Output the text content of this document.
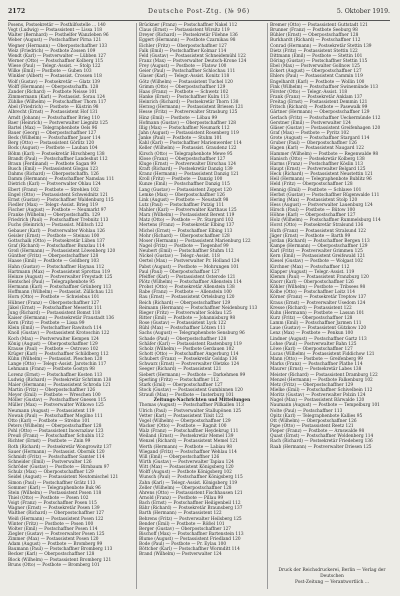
2172	Deutsche Post-Ztg. (№ 96)	5. Oktober 1919.
Posens, Postsekretär — Posthilfsstelle ... 140
Vogt (Ludwig) — Postassistent — Lissa 118
Walter (Bernhard) — Posthelfer Wanzleben 96
Weber (August) — Postschaffner Pirna 121
Wegner (Hermann) — Oberpostschaffner 133
Welz (Friedrich) — Postbote Zossen 109
Wendt (Karl) — Postverwalter — Lübben 127
Werner (Otto) — Postschaffner Kolberg 115
Wiese (Paul) — Telegr.-Assist. — Stolp 122
Wilke (Emil) — Postbote — Guben 103
Winkler (Albert) — Postassist. Crossen 118
Wolf (Gustav) — Postsekretär — Glatz 139
Wolff (Hermann) — Oberpostschaffn. 128
Zander (Richard) — Postbote Neisse 101
Zimmermann (Karl) — Postassist. Sorau 124
Zühlke (Wilhelm) — Postschaffner Thorn 117
Abel (Friedrich) — Postbote — Küstrin 98
Albrecht (Ernst) — Postassistent Hof 131
Arndt (Johann) — Postschaffner Brieg 110
Baer (Heinrich) — Postverwalter Liegnitz 125
Bartel (Max) — Telegraphenbote Oels 96
Bauer (Georg) — Oberpostschaffner 127
Beck (Wilhelm) — Postschaffner Jauer 114
Berg (Otto) — Postassistent Görlitz 120
Bock (August) — Postbote — Lauban 104
Böhm (Karl) — Postsekretär Hirschberg 138
Brandt (Paul) — Postschaffner Landeshut 112
Braun (Ferdinand) — Postbote Sagan 99
Busch (Emil) — Postassistent Glogau 123
Dahms (Richard) — Oberpostschaffn. 126
Damm (Hermann) — Postschaffner Namslau 111
Dietrich (Karl) — Postverwalter Ohlau 124
Ebert (Franz) — Postbote — Strehlen 102
Engel (Otto) — Postassistent Schweidnitz 121
Ernst (Gustav) — Postschaffner Waldenburg 115
Fiedler (Max) — Telegr.-Assist. Brieg 119
Fischer (August) — Postbote — Neumarkt 97
Franke (Wilhelm) — Oberpostschaffn. 129
Friedrich (Paul) — Postschaffner Trebnitz 113
Fuchs (Heinrich) — Postassist. Militsch 122
Gebauer (Karl) — Postverwalter Wohlau 126
Geisler (Ernst) — Postbote — Steinau 100
Gottschalk (Otto) — Postsekretär Lüben 137
Graf (Richard) — Postschaffner Bunzlau 114
Groß (Hermann) — Postassistent Löwenberg 120
Günther (Fritz) — Oberpostschaffner 128
Haase (Emil) — Postbote — Goldberg 103
Hahn (Gustav) — Postschaffner Haynau 112
Hartmann (Max) — Postassistent Sprottau 119
Heinze (August) — Postverwalter Freystadt 125
Hentschel (Paul) — Telegraphenbote 95
Hermann (Karl) — Postschaffner Grünberg 113
Hoffmann (Wilhelm) — Postassist. Züllichau 121
Horn (Otto) — Postbote — Schwiebus 101
Hübner (Franz) — Oberpostschaffner 127
Jäkel (Ernst) — Postschaffner Meseritz 111
Jung (Richard) — Postassistent Bomst 118
Kaiser (Hermann) — Postsekretär Fraustadt 136
Kern (Fritz) — Postbote — Lissa 99
Klein (Emil) — Postschaffner Rawitsch 114
Knoll (Gustav) — Postassistent Krotoschin 122
Koch (Max) — Postverwalter Kempen 124
König (August) — Oberpostschaffner 129
Krause (Paul) — Postbote — Ostrowo 102
Krüger (Karl) — Postschaffner Schildberg 112
Kühn (Wilhelm) — Postassist. Pleschen 120
Lange (Otto) — Telegr.-Assist. Jarotschin 117
Lehmann (Franz) — Postbote Gostyn 98
Lorenz (Ernst) — Postschaffner Kosten 113
Ludwig (Richard) — Postsekretär Schrimm 138
Maier (Hermann) — Postassistent Schroda 121
Martin (Fritz) — Oberpostschaffner 126
Meyer (Emil) — Postbote — Wreschen 100
Möller (Gustav) — Postschaffner Gnesen 115
Müller (Max) — Postverwalter Witkowo 125
Neumann (August) — Postassistent 119
Nowak (Paul) — Postschaffner Mogilno 111
Otto (Karl) — Postbote — Strelno 101
Peters (Wilhelm) — Oberpostschaffner 128
Pohl (Otto) — Postassistent Inowrazlaw 123
Preuß (Franz) — Postschaffner Schubin 112
Richter (Ernst) — Postbote — Znin 99
Roth (Richard) — Postsekretär Wongrowitz 137
Sauer (Hermann) — Postassist. Obornik 120
Schmidt (Fritz) — Postschaffner Samter 114
Schneider (Emil) — Postverwalter 126
Schröder (Gustav) — Postbote — Birnbaum 97
Schulz (Max) — Oberpostschaffner 129
Seidel (August) — Postassistent Neutomischel 121
Simon (Paul) — Postschaffner Grätz 113
Sommer (Karl) — Telegraphenbote Buk 96
Stein (Wilhelm) — Postassistent Posen 118
Thiel (Otto) — Postbote — Posen 102
Voigt (Franz) — Postschaffner Posen 115
Wagner (Ernst) — Postsekretär Posen 139
Walther (Richard) — Oberpostschaffner 127
Weiß (Hermann) — Postassistent Posen 122
Winter (Fritz) — Postbote — Posen 100
Wolter (Emil) — Postschaffner Posen 114
Ziegler (Gustav) — Postverwalter Posen 125
Zimmer (Max) — Postassistent Posen 120
Adam (August) — Postbote — Bromberg 99
Baumann (Paul) — Postschaffner Bromberg 113
Becker (Karl) — Oberpostschaffner 128
Block (Wilhelm) — Postassistent Bromberg 121
Bruns (Otto) — Postbote — Bromberg 101
Brückner (Franz) — Postschaffner Nakel 112
Claus (Ernst) — Postassistent Wirsitz 119
Dreyer (Richard) — Postsekretär Filehne 136
Eggert (Hermann) — Postbote Czarnikau 98
Eichler (Fritz) — Oberpostschaffner 127
Falk (Emil) — Postschaffner Kolmar 114
Feld (Gustav) — Postassistent Schneidemühl 122
Franz (Max) — Postverwalter Deutsch-Krone 124
Frey (August) — Postbote — Flatow 100
Geier (Paul) — Postschaffner Schlochau 111
Glaser (Karl) — Telegr.-Assist. Konitz 118
Götz (Wilhelm) — Postassistent Tuchel 120
Grimm (Otto) — Oberpostschaffner 129
Haas (Franz) — Postbote — Schwetz 102
Hanke (Ernst) — Postschaffner Kulm 113
Heinrich (Richard) — Postsekretär Thorn 138
Herzog (Hermann) — Postassistent Briesen 121
Hesse (Fritz) — Postverwalter Strasburg 125
Hinz (Emil) — Postbote — Löbau 99
Hofmann (Gustav) — Oberpostschaffner 128
Illig (Max) — Postschaffner Neumark 112
Jahn (August) — Postassistent Rosenberg 119
Janke (Paul) — Postbote — Stuhm 101
Kahl (Karl) — Postschaffner Marienwerder 114
Keller (Wilhelm) — Postassist. Graudenz 122
Kirsch (Otto) — Telegraphenbote Mewe 95
Klose (Franz) — Oberpostschaffner 127
Kluge (Ernst) — Postverwalter Dirschau 124
Kraft (Richard) — Postsekretär Danzig 139
Kranz (Hermann) — Postassistent Danzig 121
Kroll (Fritz) — Postbote — Danzig 100
Kunze (Emil) — Postschaffner Danzig 115
Lang (Gustav) — Postassistent Zoppot 120
Lemke (Max) — Oberpostschaffner 126
Link (August) — Postbote — Neustadt 98
Lutz (Paul) — Postschaffner Putzig 111
Mahler (Karl) — Postverwalter Karthaus 125
Marx (Wilhelm) — Postassistent Berent 119
Matz (Otto) — Postbote — Pr. Stargard 102
Mertens (Franz) — Postsekretär Elbing 137
Michel (Ernst) — Postschaffner Elbing 113
Mohr (Richard) — Oberpostschaffner 128
Moser (Hermann) — Postassistent Marienburg 122
Nagel (Fritz) — Postbote — Tiegenhof 99
Neubert (Emil) — Postschaffner Stuhm 112
Nickel (Gustav) — Telegr.-Assist. 118
Oertel (Max) — Postverwalter Pr. Holland 124
Pabst (August) — Postbote — Mohrungen 101
Paul (Paul) — Oberpostschaffner 127
Pfeiffer (Karl) — Postassistent Osterode 121
Plötz (Wilhelm) — Postschaffner Allenstein 114
Probst (Otto) — Postsekretär Allenstein 138
Rabe (Franz) — Postbote — Allenstein 100
Rau (Ernst) — Postassistent Ortelsburg 120
Reich (Richard) — Oberpostschaffner 129
Reimann (Hermann) — Postschaffner Neidenburg 113
Rieger (Fritz) — Postverwalter Soldau 125
Ritter (Emil) — Postbote — Johannisburg 98
Rose (Gustav) — Postassistent Lyck 122
Rühl (Max) — Postschaffner Lötzen 111
Sachs (August) — Telegraphenbote Sensburg 96
Schade (Paul) — Oberpostschaffner 128
Schäfer (Karl) — Postassistent Rastenburg 119
Scholz (Wilhelm) — Postbote Gerdauen 102
Schott (Otto) — Postschaffner Angerburg 114
Schubert (Franz) — Postsekretär Goldap 136
Schwarz (Ernst) — Postverwalter Oletzko 124
Seeger (Richard) — Postassistent 121
Siebert (Hermann) — Postbote — Darkehmen 99
Sperling (Fritz) — Postschaffner 112
Stark (Emil) — Oberpostschaffner 127
Stock (Gustav) — Postassistent Gumbinnen 120
Strauß (Max) — Postbote — Insterburg 101
Zeitungs-Nachrichten und Mitteilungen
Thomas (August) — Postschaffner Pillkallen 113
Ulrich (Paul) — Postverwalter Stallupönen 125
Vetter (Karl) — Postassistent Tilsit 122
Vogel (Wilhelm) — Oberpostschaffner 129
Wacker (Otto) — Postbote — Ragnit 100
Walz (Franz) — Postschaffner Heydekrug 111
Weiland (Ernst) — Postsekretär Memel 139
Wenzel (Richard) — Postassistent Memel 121
Werth (Hermann) — Postbote — Labiau 98
Wiegand (Fritz) — Postschaffner Wehlau 114
Will (Emil) — Oberpostschaffner 126
Wirth (Gustav) — Postverwalter Tapiau 124
Witt (Max) — Postassistent Königsberg 120
Wolff (August) — Postbote Königsberg 102
Wunsch (Paul) — Postschaffner Königsberg 115
Zahn (Karl) — Telegr.-Assist. Königsberg 119
Zeller (Wilhelm) — Oberpostschaffner 128
Ahrens (Otto) — Postassistent Fischhausen 121
Arnold (Franz) — Postbote — Pillau 99
Bach (Ernst) — Postschaffner Heiligenbeil 112
Bähr (Richard) — Postsekretär Braunsberg 137
Barth (Hermann) — Postassistent 122
Behrens (Fritz) — Postverwalter Heilsberg 125
Bender (Emil) — Postbote — Rößel 101
Berger (Gustav) — Oberpostschaffner 127
Bischoff (Max) — Postschaffner Bartenstein 113
Blume (August) — Postassistent Friedland 120
Bode (Paul) — Postbote — Pr. Eylau 100
Böttcher (Karl) — Postschaffner Wormditt 114
Brand (Wilhelm) — Postverwalter 124
Bremer (Otto) — Postassistent Guttstadt 121
Brunner (Franz) — Postbote Seeburg 98
Bühler (Ernst) — Oberpostschaffner 128
Burkhardt (Richard) — Postschaffner 112
Conrad (Hermann) — Postsekretär Stettin 139
Dietz (Fritz) — Postassistent Stettin 122
Dittmann (Emil) — Postbote — Stettin 101
Döring (Gustav) — Postschaffner Stettin 115
Ebel (Max) — Postverwalter Gollnow 125
Eckert (August) — Oberpostschaffner 127
Ehlers (Paul) — Postassistent Cammin 119
Engelhardt (Karl) — Postbote — Wollin 100
Fink (Wilhelm) — Postschaffner Swinemünde 113
Förster (Otto) — Telegr.-Assist. 118
Frank (Franz) — Postsekretär Anklam 137
Freitag (Ernst) — Postassistent Demmin 121
Fritsch (Richard) — Postbote — Pasewalk 99
Gärtner (Hermann) — Oberpostschaffner 129
Gerlach (Fritz) — Postschaffner Ueckermünde 112
Gerstner (Emil) — Postverwalter 124
Gläser (Gustav) — Postassistent Greifenhagen 120
Graf (Max) — Postbote — Pyritz 102
Grote (August) — Postschaffner Stargard 114
Gruber (Paul) — Oberpostschaffner 126
Hagen (Karl) — Postassistent Naugard 122
Hammer (Wilhelm) — Postbote — Regenwalde 98
Hanisch (Otto) — Postsekretär Kolberg 138
Harms (Franz) — Postschaffner Köslin 113
Haupt (Ernst) — Postverwalter Belgard 125
Heck (Richard) — Postassistent Neustettin 121
Heil (Hermann) — Telegraphenbote Bublitz 96
Held (Fritz) — Oberpostschaffner 128
Hennig (Emil) — Postbote — Schlawe 101
Herbst (Gustav) — Postschaffner Rügenwalde 111
Hering (Max) — Postassistent Stolp 120
Hess (August) — Postverwalter Lauenburg 124
Hirsch (Paul) — Postbote — Bütow 100
Höhne (Karl) — Oberpostschaffner 127
Holz (Wilhelm) — Postschaffner Rummelsburg 114
Horst (Otto) — Postsekretär Stralsund 136
Huth (Franz) — Postassistent Stralsund 122
Jäger (Ernst) — Postbote — Barth 99
Jordan (Richard) — Postschaffner Bergen 113
Kampe (Hermann) — Oberpostschaffner 129
Karl (Fritz) — Postverwalter Grimmen 125
Kern (Emil) — Postassistent Greifswald 121
Kiesel (Gustav) — Postbote — Wolgast 102
Kirchner (Max) — Postschaffner 112
Klapper (August) — Telegr.-Assist. 119
Klemm (Paul) — Postassistent Franzburg 120
Knorr (Karl) — Oberpostschaffner 126
Köhler (Wilhelm) — Postbote — Tribsees 98
Kolbe (Otto) — Postschaffner Loitz 114
Körner (Franz) — Postsekretär Treptow 137
Kraus (Ernst) — Postverwalter Usedom 124
Kresse (Richard) — Postassistent 122
Kuhn (Hermann) — Postbote — Lassan 101
Kurz (Fritz) — Oberpostschaffner 128
Lamm (Emil) — Postschaffner Jarmen 111
Laue (Gustav) — Postassistent Gützkow 120
Lenz (Max) — Postbote — Penkun 100
Lindner (August) — Postschaffner Gartz 113
Lohse (Paul) — Postverwalter Bahn 125
Löwe (Karl) — Oberpostschaffner 127
Lucas (Wilhelm) — Postassistent Fiddichow 121
Mann (Otto) — Postbote — Greifenberg 99
Marks (Franz) — Postschaffner Plathe 114
Maurer (Ernst) — Postsekretär Labes 138
Meister (Richard) — Postassistent Dramburg 122
Menzel (Hermann) — Postbote Falkenburg 102
Metz (Fritz) — Oberpostschaffner 129
Mielke (Emil) — Postschaffner Schivelbein 112
Moritz (Gustav) — Postverwalter Polzin 124
Nagel (Max) — Postassistent Bärwalde 120
Naumann (August) — Postbote — Tempelburg 101
Nolte (Paul) — Postschaffner 113
Opitz (Karl) — Telegraphenbote Kallies 95
Ott (Wilhelm) — Oberpostschaffner 126
Pape (Otto) — Postassistent Reetz 121
Pieper (Franz) — Postbote — Arnswalde 98
Quast (Ernst) — Postschaffner Woldenberg 114
Rach (Richard) — Postsekretär Friedeberg 136
Raab (Hermann) — Postverwalter Driesen 125
Druck der Reichsdruckerei, Berlin — Verlag der Deutschen
Post-Zeitung — Verantwortlich ...
